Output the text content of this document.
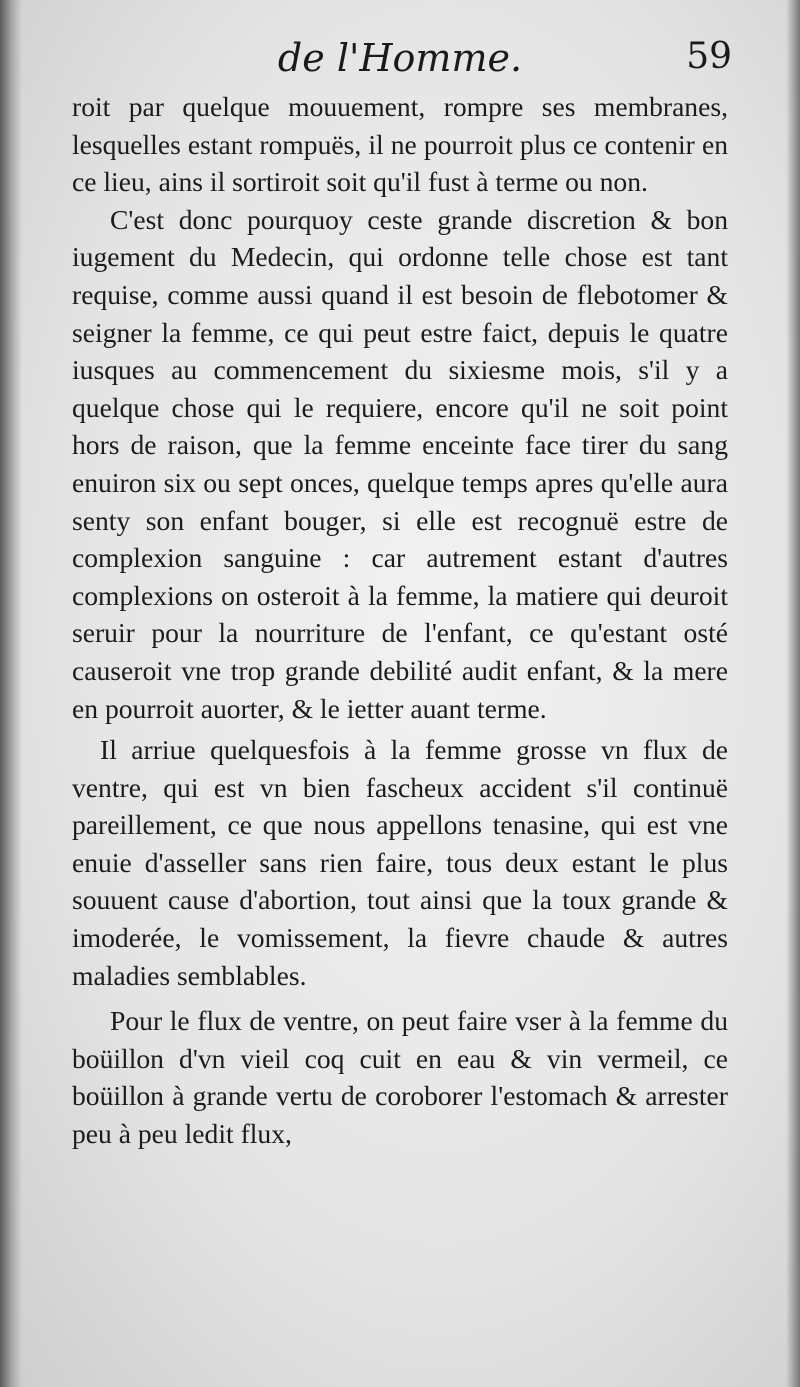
de l'Homme.	59

roit par quelque mouuement, rompre ses membranes, lesquelles estant rompuës, il ne pourroit plus ce contenir en ce lieu, ains il sortiroit soit qu'il fust à terme ou non.

C'est donc pourquoy ceste grande discretion & bon iugement du Medecin, qui ordonne telle chose est tant requise, comme aussi quand il est besoin de flebotomer & seigner la femme, ce qui peut estre faict, depuis le quatre iusques au commencement du sixiesme mois, s'il y a quelque chose qui le requiere, encore qu'il ne soit point hors de raison, que la femme enceinte face tirer du sang enuiron six ou sept onces, quelque temps apres qu'elle aura senty son enfant bouger, si elle est recognuë estre de complexion sanguine : car autrement estant d'autres complexions on osteroit à la femme, la matiere qui deuroit seruir pour la nourriture de l'enfant, ce qu'estant osté causeroit vne trop grande debilité audit enfant, & la mere en pourroit auorter, & le ietter auant terme.

Il arriue quelquesfois à la femme grosse vn flux de ventre, qui est vn bien fascheux accident s'il continuë pareillement, ce que nous appellons tenasine, qui est vne enuie d'asseller sans rien faire, tous deux estant le plus souuent cause d'abortion, tout ainsi que la toux grande & imoderée, le vomissement, la fievre chaude & autres maladies semblables.

Pour le flux de ventre, on peut faire vser à la femme du boüillon d'vn vieil coq cuit en eau & vin vermeil, ce boüillon à grande vertu de coroborer l'estomach & arrester peu à peu ledit flux,
